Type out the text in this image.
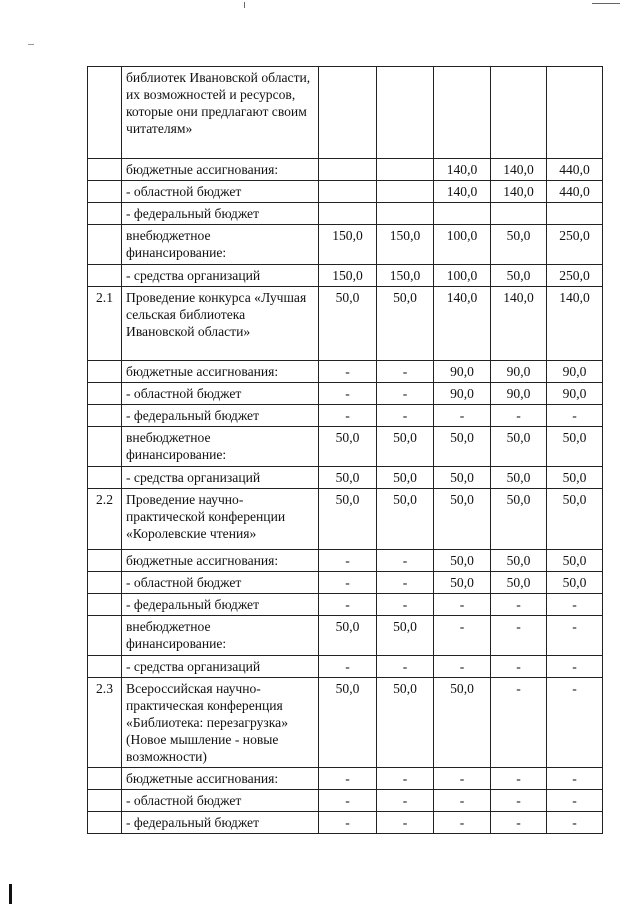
	библиотек Ивановской области, их возможностей и ресурсов, которые они предлагают своим читателям»					
	бюджетные ассигнования:			140,0	140,0	440,0
	- областной бюджет			140,0	140,0	440,0
	- федеральный бюджет					
	внебюджетное финансирование:	150,0	150,0	100,0	50,0	250,0
	- средства организаций	150,0	150,0	100,0	50,0	250,0
2.1	Проведение конкурса «Лучшая сельская библиотека Ивановской области»	50,0	50,0	140,0	140,0	140,0
	бюджетные ассигнования:	-	-	90,0	90,0	90,0
	- областной бюджет	-	-	90,0	90,0	90,0
	- федеральный бюджет	-	-	-	-	-
	внебюджетное финансирование:	50,0	50,0	50,0	50,0	50,0
	- средства организаций	50,0	50,0	50,0	50,0	50,0
2.2	Проведение научно-практической конференции «Королевские чтения»	50,0	50,0	50,0	50,0	50,0
	бюджетные ассигнования:	-	-	50,0	50,0	50,0
	- областной бюджет	-	-	50,0	50,0	50,0
	- федеральный бюджет	-	-	-	-	-
	внебюджетное финансирование:	50,0	50,0	-	-	-
	- средства организаций	-	-	-	-	-
2.3	Всероссийская научно-практическая конференция «Библиотека: перезагрузка» (Новое мышление - новые возможности)	50,0	50,0	50,0	-	-
	бюджетные ассигнования:	-	-	-	-	-
	- областной бюджет	-	-	-	-	-
	- федеральный бюджет	-	-	-	-	-
